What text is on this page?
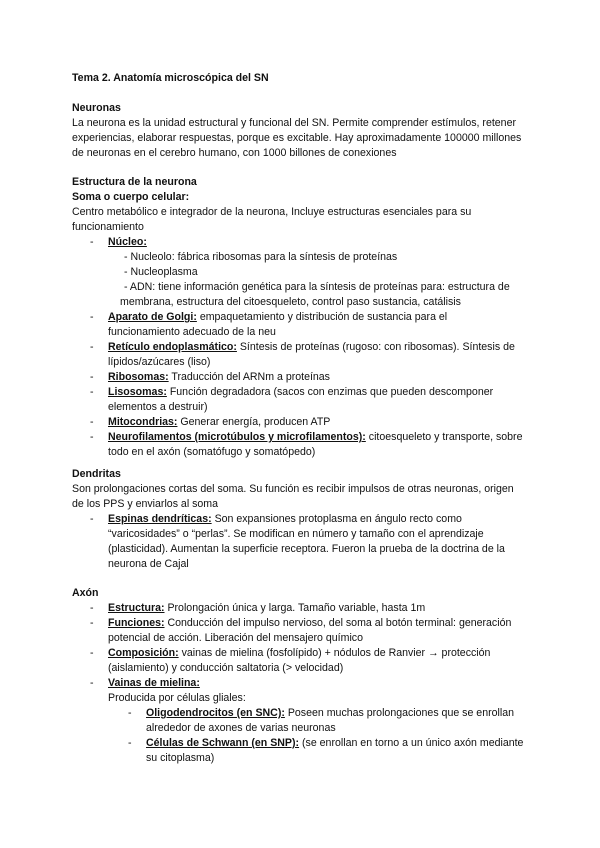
Tema 2. Anatomía microscópica del SN
Neuronas
La neurona es la unidad estructural y funcional del SN. Permite comprender estímulos, retener
experiencias, elaborar respuestas, porque es excitable. Hay aproximadamente 100000 millones
de neuronas en el cerebro humano, con 1000 billones de conexiones
Estructura de la neurona
Soma o cuerpo celular:
Centro metabólico e integrador de la neurona, Incluye estructuras esenciales para su
funcionamiento
- Núcleo:
- Nucleolo: fábrica ribosomas para la síntesis de proteínas
- Nucleoplasma
- ADN: tiene información genética para la síntesis de proteínas para: estructura de
membrana, estructura del citoesqueleto, control paso sustancia, catálisis
- Aparato de Golgi: empaquetamiento y distribución de sustancia para el
funcionamiento adecuado de la neu
- Retículo endoplasmático: Síntesis de proteínas (rugoso: con ribosomas). Síntesis de
lípidos/azúcares (liso)
- Ribosomas: Traducción del ARNm a proteínas
- Lisosomas: Función degradadora (sacos con enzimas que pueden descomponer
elementos a destruir)
- Mitocondrias: Generar energía, producen ATP
- Neurofilamentos (microtúbulos y microfilamentos): citoesqueleto y transporte, sobre
todo en el axón (somatófugo y somatópedo)
Dendritas
Son prolongaciones cortas del soma. Su función es recibir impulsos de otras neuronas, origen
de los PPS y enviarlos al soma
- Espinas dendríticas: Son expansiones protoplasma en ángulo recto como
“varicosidades” o “perlas”. Se modifican en número y tamaño con el aprendizaje
(plasticidad). Aumentan la superficie receptora. Fueron la prueba de la doctrina de la
neurona de Cajal
Axón
- Estructura: Prolongación única y larga. Tamaño variable, hasta 1m
- Funciones: Conducción del impulso nervioso, del soma al botón terminal: generación
potencial de acción. Liberación del mensajero químico
- Composición: vainas de mielina (fosfolípido) + nódulos de Ranvier → protección
(aislamiento) y conducción saltatoria (> velocidad)
- Vainas de mielina:
Producida por células gliales:
- Oligodendrocitos (en SNC): Poseen muchas prolongaciones que se enrollan
alrededor de axones de varias neuronas
- Células de Schwann (en SNP): (se enrollan en torno a un único axón mediante
su citoplasma)
